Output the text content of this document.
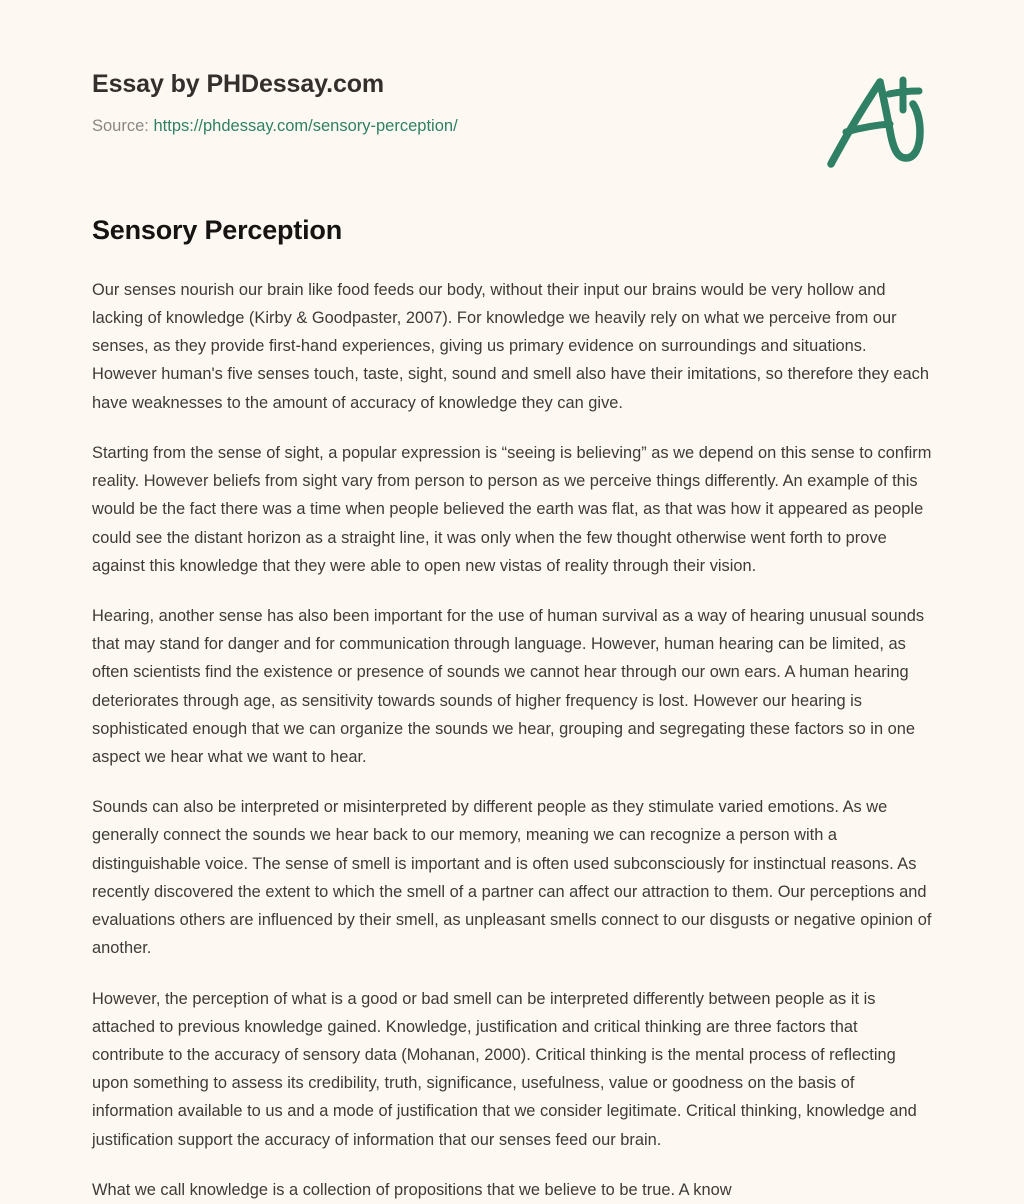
Essay by PHDessay.com
Source: https://phdessay.com/sensory-perception/
Sensory Perception

Our senses nourish our brain like food feeds our body, without their input our brains would be very hollow and lacking of knowledge (Kirby & Goodpaster, 2007). For knowledge we heavily rely on what we perceive from our senses, as they provide first-hand experiences, giving us primary evidence on surroundings and situations. However human's five senses touch, taste, sight, sound and smell also have their imitations, so therefore they each have weaknesses to the amount of accuracy of knowledge they can give.

Starting from the sense of sight, a popular expression is “seeing is believing” as we depend on this sense to confirm reality. However beliefs from sight vary from person to person as we perceive things differently. An example of this would be the fact there was a time when people believed the earth was flat, as that was how it appeared as people could see the distant horizon as a straight line, it was only when the few thought otherwise went forth to prove against this knowledge that they were able to open new vistas of reality through their vision.

Hearing, another sense has also been important for the use of human survival as a way of hearing unusual sounds that may stand for danger and for communication through language. However, human hearing can be limited, as often scientists find the existence or presence of sounds we cannot hear through our own ears. A human hearing deteriorates through age, as sensitivity towards sounds of higher frequency is lost. However our hearing is sophisticated enough that we can organize the sounds we hear, grouping and segregating these factors so in one aspect we hear what we want to hear.

Sounds can also be interpreted or misinterpreted by different people as they stimulate varied emotions. As we generally connect the sounds we hear back to our memory, meaning we can recognize a person with a distinguishable voice. The sense of smell is important and is often used subconsciously for instinctual reasons. As recently discovered the extent to which the smell of a partner can affect our attraction to them. Our perceptions and evaluations others are influenced by their smell, as unpleasant smells connect to our disgusts or negative opinion of another.

However, the perception of what is a good or bad smell can be interpreted differently between people as it is attached to previous knowledge gained. Knowledge, justification and critical thinking are three factors that contribute to the accuracy of sensory data (Mohanan, 2000). Critical thinking is the mental process of reflecting upon something to assess its credibility, truth, significance, usefulness, value or goodness on the basis of information available to us and a mode of justification that we consider legitimate. Critical thinking, knowledge and justification support the accuracy of information that our senses feed our brain.

What we call knowledge is a collection of propositions that we believe to be true. A know
